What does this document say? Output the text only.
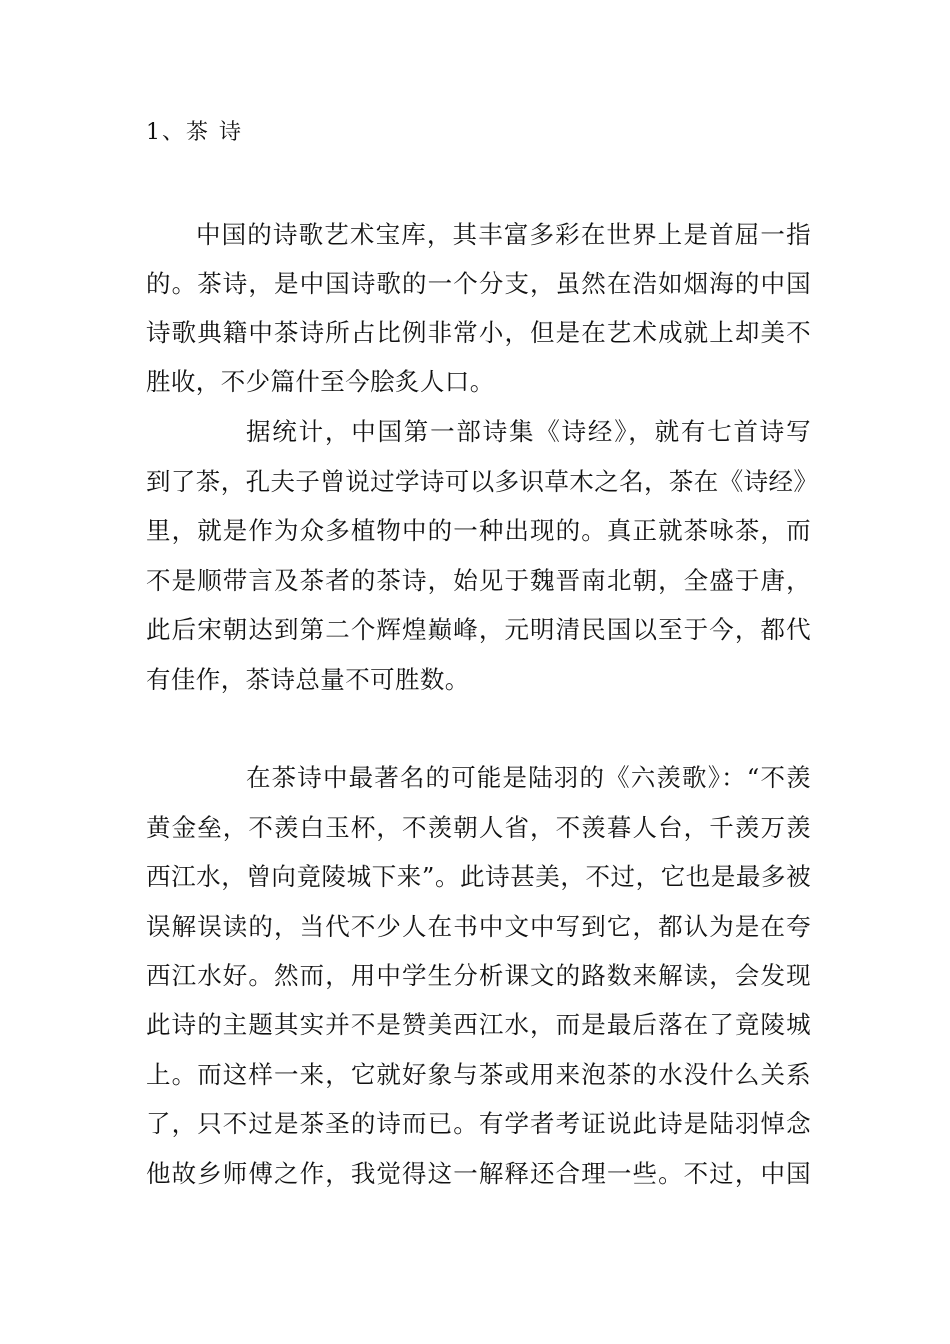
1、茶 诗
中国的诗歌艺术宝库，其丰富多彩在世界上是首屈一指
的。茶诗，是中国诗歌的一个分支，虽然在浩如烟海的中国
诗歌典籍中茶诗所占比例非常小，但是在艺术成就上却美不
胜收，不少篇什至今脍炙人口。
据统计，中国第一部诗集《诗经》，就有七首诗写
到了茶，孔夫子曾说过学诗可以多识草木之名，茶在《诗经》
里，就是作为众多植物中的一种出现的。真正就茶咏茶，而
不是顺带言及茶者的茶诗，始见于魏晋南北朝，全盛于唐，
此后宋朝达到第二个辉煌巅峰，元明清民国以至于今，都代
有佳作，茶诗总量不可胜数。
在茶诗中最著名的可能是陆羽的《六羡歌》：“不羡
黄金垒，不羡白玉杯，不羡朝人省，不羡暮人台，千羡万羡
西江水，曾向竟陵城下来”。此诗甚美，不过，它也是最多被
误解误读的，当代不少人在书中文中写到它，都认为是在夸
西江水好。然而，用中学生分析课文的路数来解读，会发现
此诗的主题其实并不是赞美西江水，而是最后落在了竟陵城
上。而这样一来，它就好象与茶或用来泡茶的水没什么关系
了，只不过是茶圣的诗而已。有学者考证说此诗是陆羽悼念
他故乡师傅之作，我觉得这一解释还合理一些。不过，中国
